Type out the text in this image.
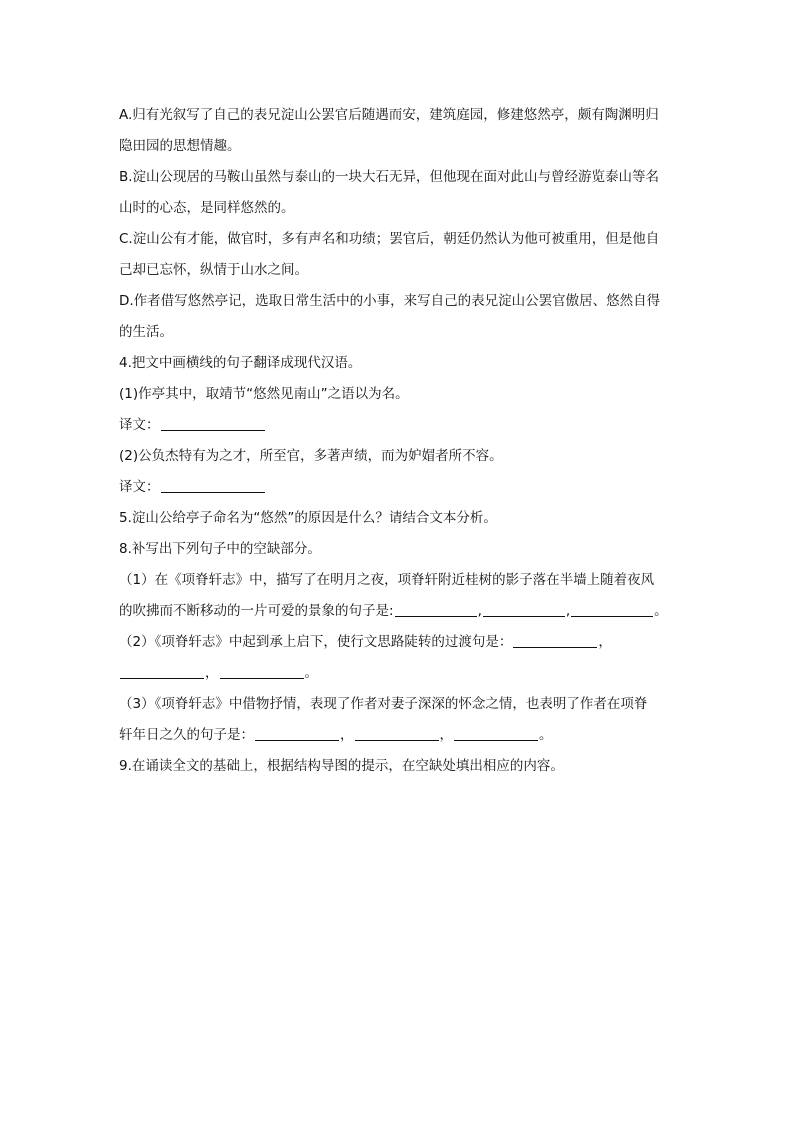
A.归有光叙写了自己的表兄淀山公罢官后随遇而安，建筑庭园，修建悠然亭，颇有陶渊明归
隐田园的思想情趣。
B.淀山公现居的马鞍山虽然与泰山的一块大石无异，但他现在面对此山与曾经游览泰山等名
山时的心态，是同样悠然的。
C.淀山公有才能，做官时，多有声名和功绩；罢官后，朝廷仍然认为他可被重用，但是他自
己却已忘怀，纵情于山水之间。
D.作者借写悠然亭记，选取日常生活中的小事，来写自己的表兄淀山公罢官傲居、悠然自得
的生活。
4.把文中画横线的句子翻译成现代汉语。
(1)作亭其中，取靖节“悠然见南山”之语以为名。
译文：
(2)公负杰特有为之才，所至官，多著声绩，而为妒媢者所不容。
译文：
5.淀山公给亭子命名为“悠然”的原因是什么？请结合文本分析。
8.补写出下列句子中的空缺部分。
（1）在《项脊轩志》中，描写了在明月之夜，项脊轩附近桂树的影子落在半墙上随着夜风
的吹拂而不断移动的一片可爱的景象的句子是:	,	,	。
（2）《项脊轩志》中起到承上启下，使行文思路陡转的过渡句是：	，
，	。
（3）《项脊轩志》中借物抒情，表现了作者对妻子深深的怀念之情，也表明了作者在项脊
轩年日之久的句子是：	，	，	。
9.在诵读全文的基础上，根据结构导图的提示，在空缺处填出相应的内容。
